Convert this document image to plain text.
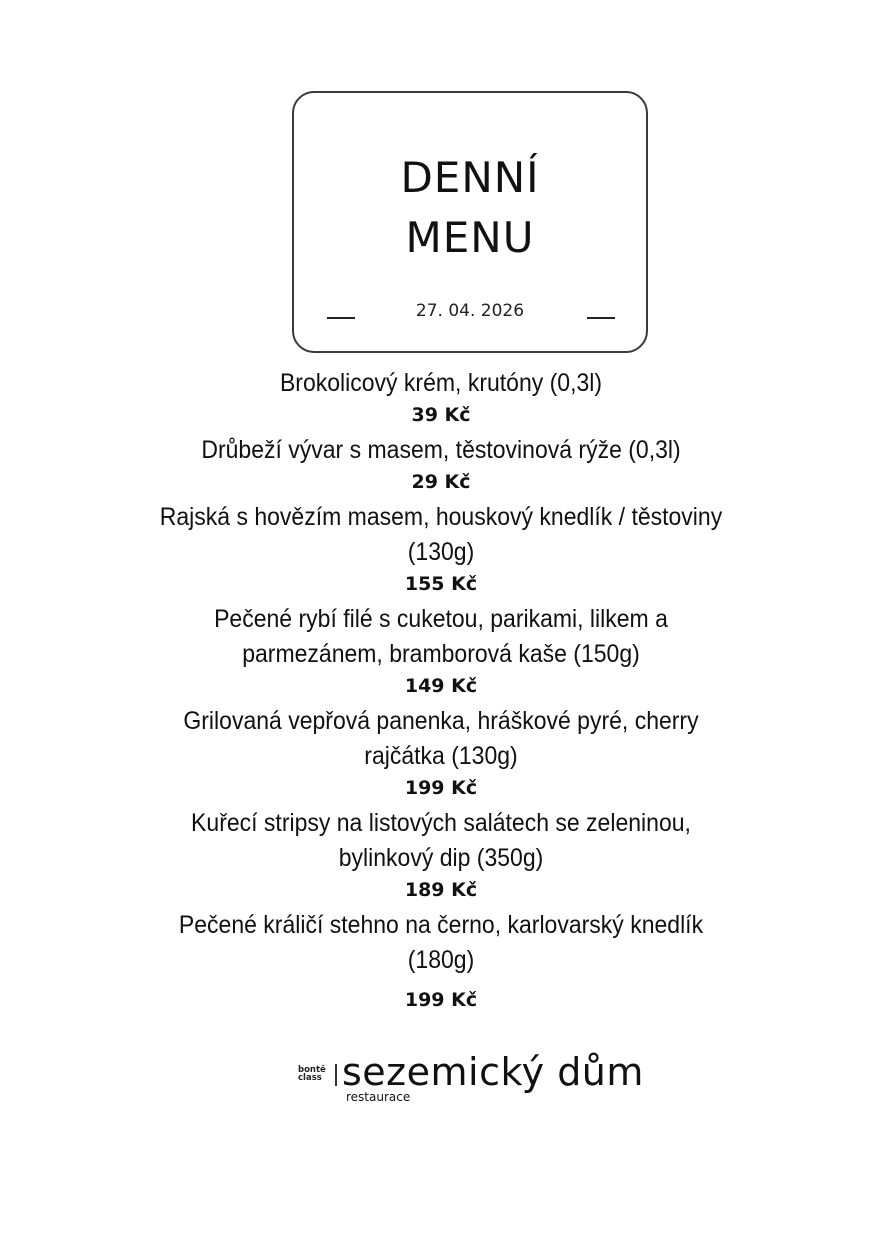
DENNÍ
MENU
27. 04. 2026
Brokolicový krém, krutóny (0,3l)
39 Kč
Drůbeží vývar s masem, těstovinová rýže (0,3l)
29 Kč
Rajská s hovězím masem, houskový knedlík / těstoviny (130g)
155 Kč
Pečené rybí filé s cuketou, parikami, lilkem a parmezánem, bramborová kaše (150g)
149 Kč
Grilovaná vepřová panenka, hráškové pyré, cherry rajčátka (130g)
199 Kč
Kuřecí stripsy na listových salátech se zeleninou, bylinkový dip (350g)
189 Kč
Pečené králičí stehno na černo, karlovarský knedlík (180g)
199 Kč
bontě
class sezemický dům
restaurace
